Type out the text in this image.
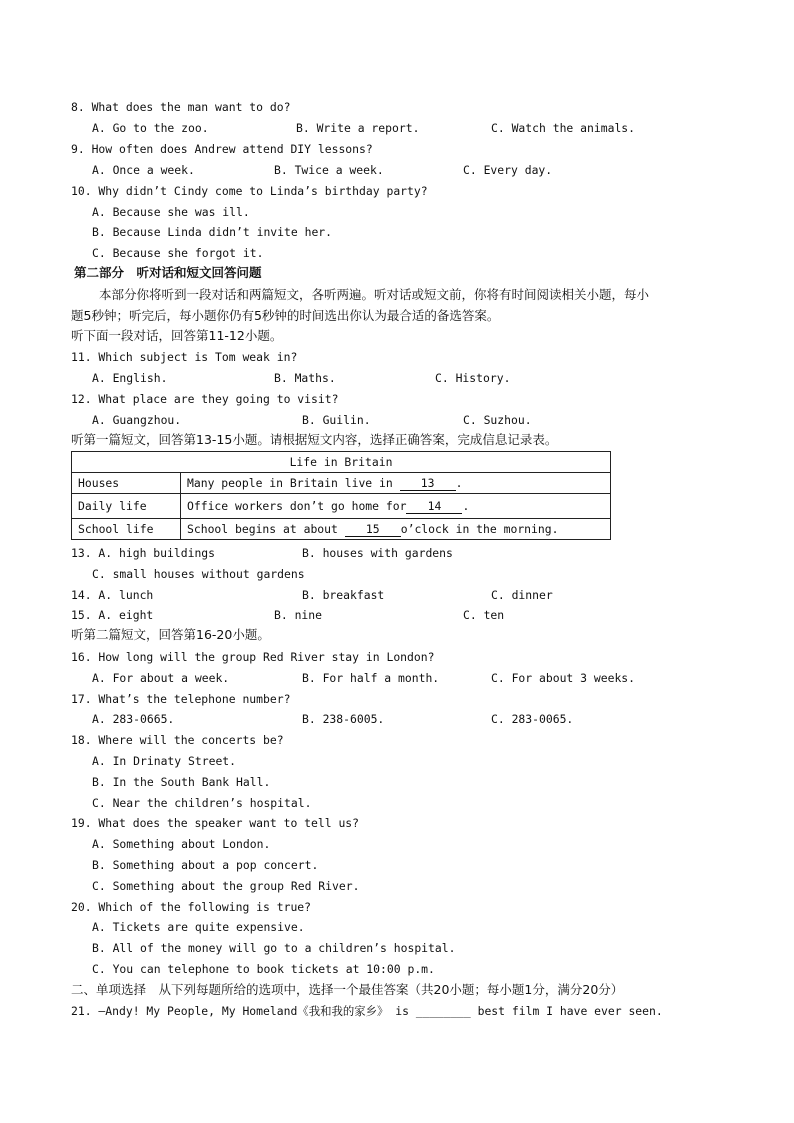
8. What does the man want to do?
A. Go to the zoo.	B. Write a report.	C. Watch the animals.
9. How often does Andrew attend DIY lessons?
A. Once a week.	B. Twice a week.	C. Every day.
10. Why didn’t Cindy come to Linda’s birthday party?
A. Because she was ill.
B. Because Linda didn’t invite her.
C. Because she forgot it.
第二部分　听对话和短文回答问题
本部分你将听到一段对话和两篇短文，各听两遍。听对话或短文前，你将有时间阅读相关小题，每小
题5秒钟；听完后，每小题你仍有5秒钟的时间选出你认为最合适的备选答案。
听下面一段对话，回答第11-12小题。
11. Which subject is Tom weak in?
A. English.	B. Maths.	C. History.
12. What place are they going to visit?
A. Guangzhou.	B. Guilin.	C. Suzhou.
听第一篇短文，回答第13-15小题。请根据短文内容，选择正确答案，完成信息记录表。
Life in Britain	
Houses	Many people in Britain live in 13 .
Daily life	Office workers don’t go home for 14 .
School life	School begins at about 15 o’clock in the morning.
13. A. high buildings	B. houses with gardens
C. small houses without gardens
14. A. lunch	B. breakfast	C. dinner
15. A. eight	B. nine	C. ten
听第二篇短文，回答第16-20小题。
16. How long will the group Red River stay in London?
A. For about a week.	B. For half a month.	C. For about 3 weeks.
17. What’s the telephone number?
A. 283-0665.	B. 238-6005.	C. 283-0065.
18. Where will the concerts be?
A. In Drinaty Street.
B. In the South Bank Hall.
C. Near the children’s hospital.
19. What does the speaker want to tell us?
A. Something about London.
B. Something about a pop concert.
C. Something about the group Red River.
20. Which of the following is true?
A. Tickets are quite expensive.
B. All of the money will go to a children’s hospital.
C. You can telephone to book tickets at 10:00 p.m.
二、单项选择　从下列每题所给的选项中，选择一个最佳答案（共20小题；每小题1分，满分20分）
21. —Andy! My People, My Homeland《我和我的家乡》 is ________ best film I have ever seen.
